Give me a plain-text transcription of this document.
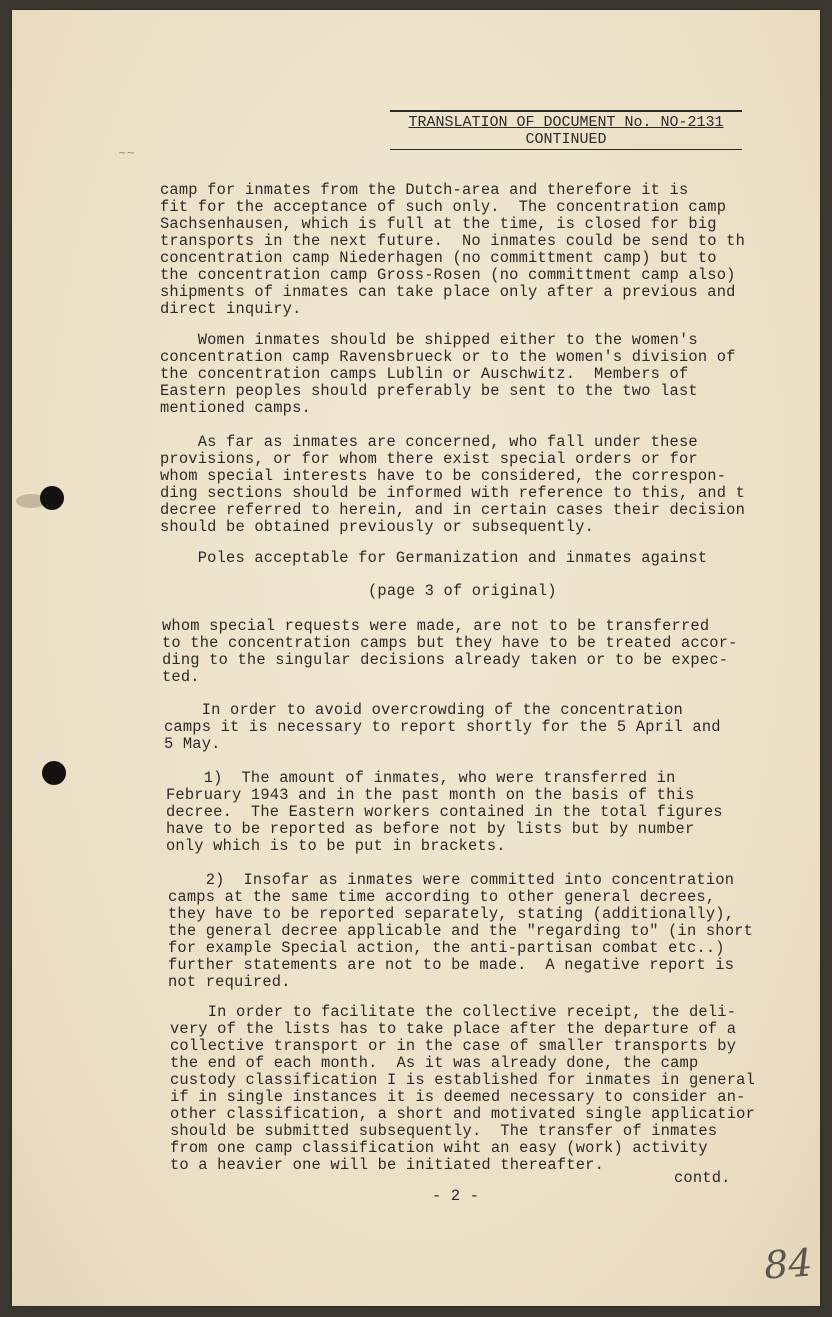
TRANSLATION OF DOCUMENT No. NO-2131
CONTINUED
~~
camp for inmates from the Dutch-area and therefore it is
fit for the acceptance of such only.  The concentration camp
Sachsenhausen, which is full at the time, is closed for big
transports in the next future.  No inmates could be send to th
concentration camp Niederhagen (no committment camp) but to
the concentration camp Gross-Rosen (no committment camp also)
shipments of inmates can take place only after a previous and
direct inquiry.
Women inmates should be shipped either to the women's
concentration camp Ravensbrueck or to the women's division of
the concentration camps Lublin or Auschwitz.  Members of
Eastern peoples should preferably be sent to the two last
mentioned camps.
As far as inmates are concerned, who fall under these
provisions, or for whom there exist special orders or for
whom special interests have to be considered, the correspon-
ding sections should be informed with reference to this, and t
decree referred to herein, and in certain cases their decision
should be obtained previously or subsequently.
Poles acceptable for Germanization and inmates against
(page 3 of original)
whom special requests were made, are not to be transferred
to the concentration camps but they have to be treated accor-
ding to the singular decisions already taken or to be expec-
ted.
In order to avoid overcrowding of the concentration
camps it is necessary to report shortly for the 5 April and
5 May.
1)  The amount of inmates, who were transferred in
February 1943 and in the past month on the basis of this
decree.  The Eastern workers contained in the total figures
have to be reported as before not by lists but by number
only which is to be put in brackets.
2)  Insofar as inmates were committed into concentration
camps at the same time according to other general decrees,
they have to be reported separately, stating (additionally),
the general decree applicable and the "regarding to" (in short
for example Special action, the anti-partisan combat etc..)
further statements are not to be made.  A negative report is
not required.
In order to facilitate the collective receipt, the deli-
very of the lists has to take place after the departure of a
collective transport or in the case of smaller transports by
the end of each month.  As it was already done, the camp
custody classification I is established for inmates in general
if in single instances it is deemed necessary to consider an-
other classification, a short and motivated single applicatior
should be submitted subsequently.  The transfer of inmates
from one camp classification wiht an easy (work) activity
to a heavier one will be initiated thereafter.
contd.
- 2 -
84
